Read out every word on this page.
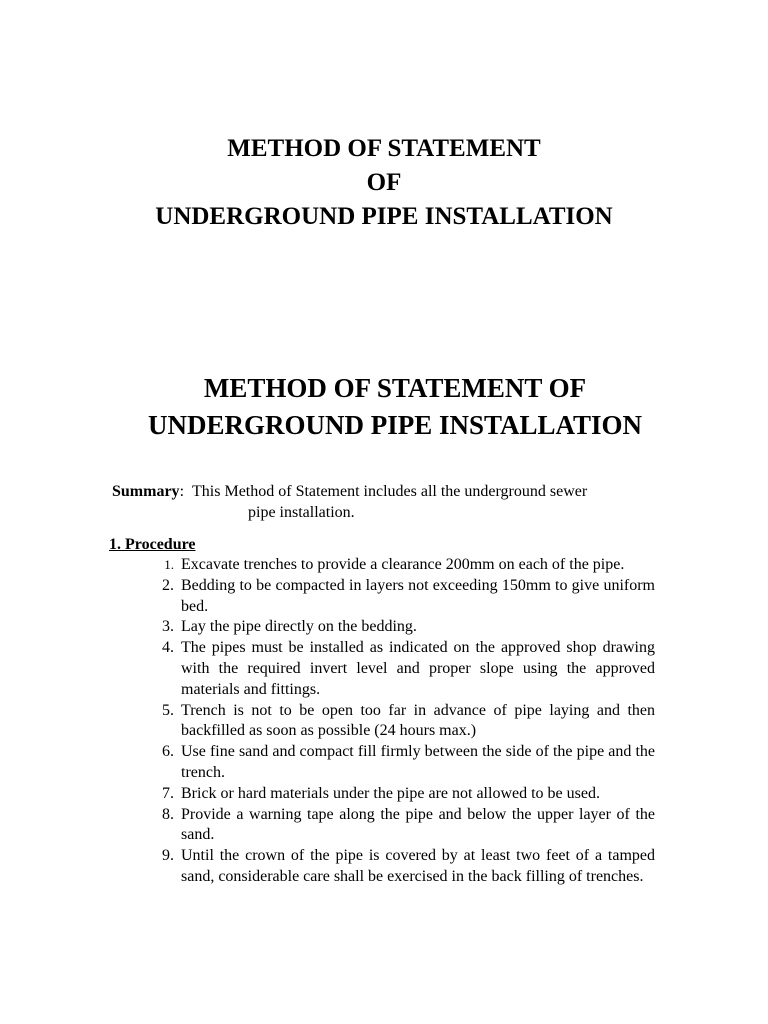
METHOD OF STATEMENT
OF
UNDERGROUND PIPE INSTALLATION
METHOD OF STATEMENT OF
UNDERGROUND PIPE INSTALLATION
Summary: This Method of Statement includes all the underground sewer
pipe installation.
1. Procedure
1. Excavate trenches to provide a clearance 200mm on each of the pipe.
2. Bedding to be compacted in layers not exceeding 150mm to give uniform bed.
3. Lay the pipe directly on the bedding.
4. The pipes must be installed as indicated on the approved shop drawing with the required invert level and proper slope using the approved materials and fittings.
5. Trench is not to be open too far in advance of pipe laying and then backfilled as soon as possible (24 hours max.)
6. Use fine sand and compact fill firmly between the side of the pipe and the trench.
7. Brick or hard materials under the pipe are not allowed to be used.
8. Provide a warning tape along the pipe and below the upper layer of the sand.
9. Until the crown of the pipe is covered by at least two feet of a tamped sand, considerable care shall be exercised in the back filling of trenches.
